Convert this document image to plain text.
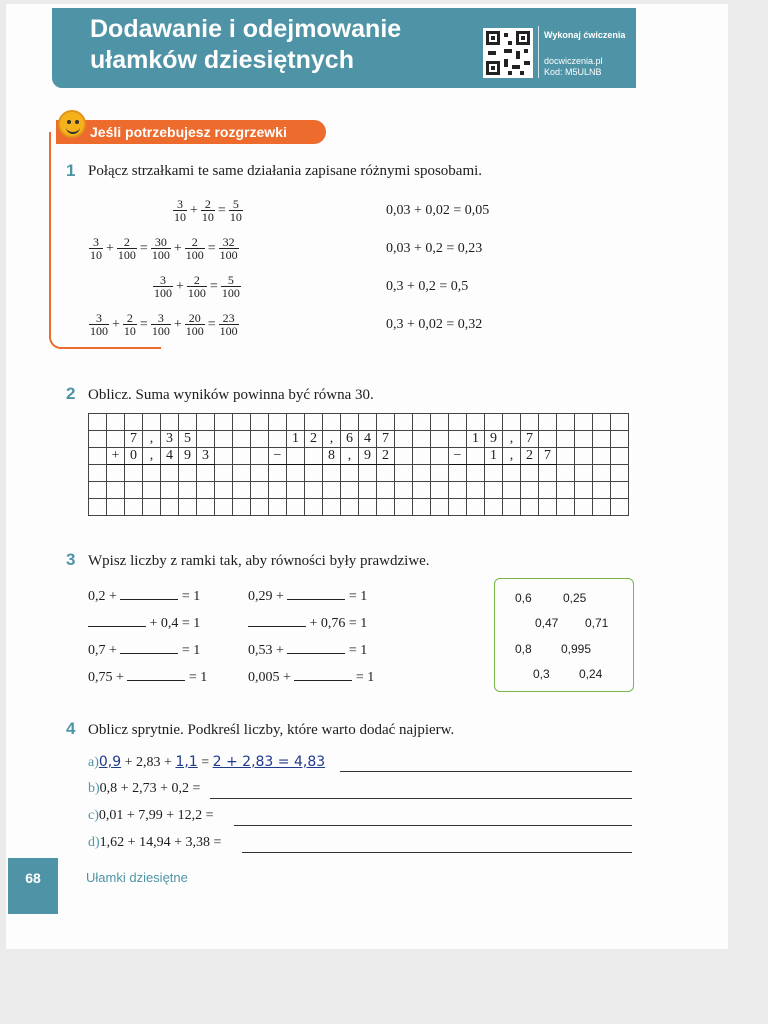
Dodawanie i odejmowanie
ułamków dziesiętnych
Wykonaj ćwiczenia
docwiczenia.pl
Kod: M5ULNB
Jeśli potrzebujesz rozgrzewki
1 Połącz strzałkami te same działania zapisane różnymi sposobami.
$\frac{3}{10} + \frac{2}{10} = \frac{5}{10}$
$\frac{3}{10} + \frac{2}{100} = \frac{30}{100} + \frac{2}{100} = \frac{32}{100}$
$\frac{3}{100} + \frac{2}{100} = \frac{5}{100}$
$\frac{3}{100} + \frac{2}{10} = \frac{3}{100} + \frac{20}{100} = \frac{23}{100}$
0,03 + 0,02 = 0,05
0,03 + 0,2 = 0,23
0,3 + 0,2 = 0,5
0,3 + 0,02 = 0,32
2 Oblicz. Suma wyników powinna być równa 30.

		7	,	3	5						1	2	,	6	4	7					1	9	,	7					
	+	0	,	4	9	3				−			8	,	9	2				−		1	,	2	7				

3 Wpisz liczby z ramki tak, aby równości były prawdziwe.
0,2 +	= 1	0,29 +	= 1
+ 0,4 = 1	+ 0,76 = 1
0,7 +	= 1	0,53 +	= 1
0,75 +	= 1	0,005 +	= 1
0,6	0,25
0,47 0,71
0,8 0,995
0,3 0,24
4 Oblicz sprytnie. Podkreśl liczby, które warto dodać najpierw.
a)0,9 + 2,83 + 1,1 = 2 + 2,83 = 4,83
b)0,8 + 2,73 + 0,2 =
c)0,01 + 7,99 + 12,2 =
d)1,62 + 14,94 + 3,38 =
68	Ułamki dziesiętne
